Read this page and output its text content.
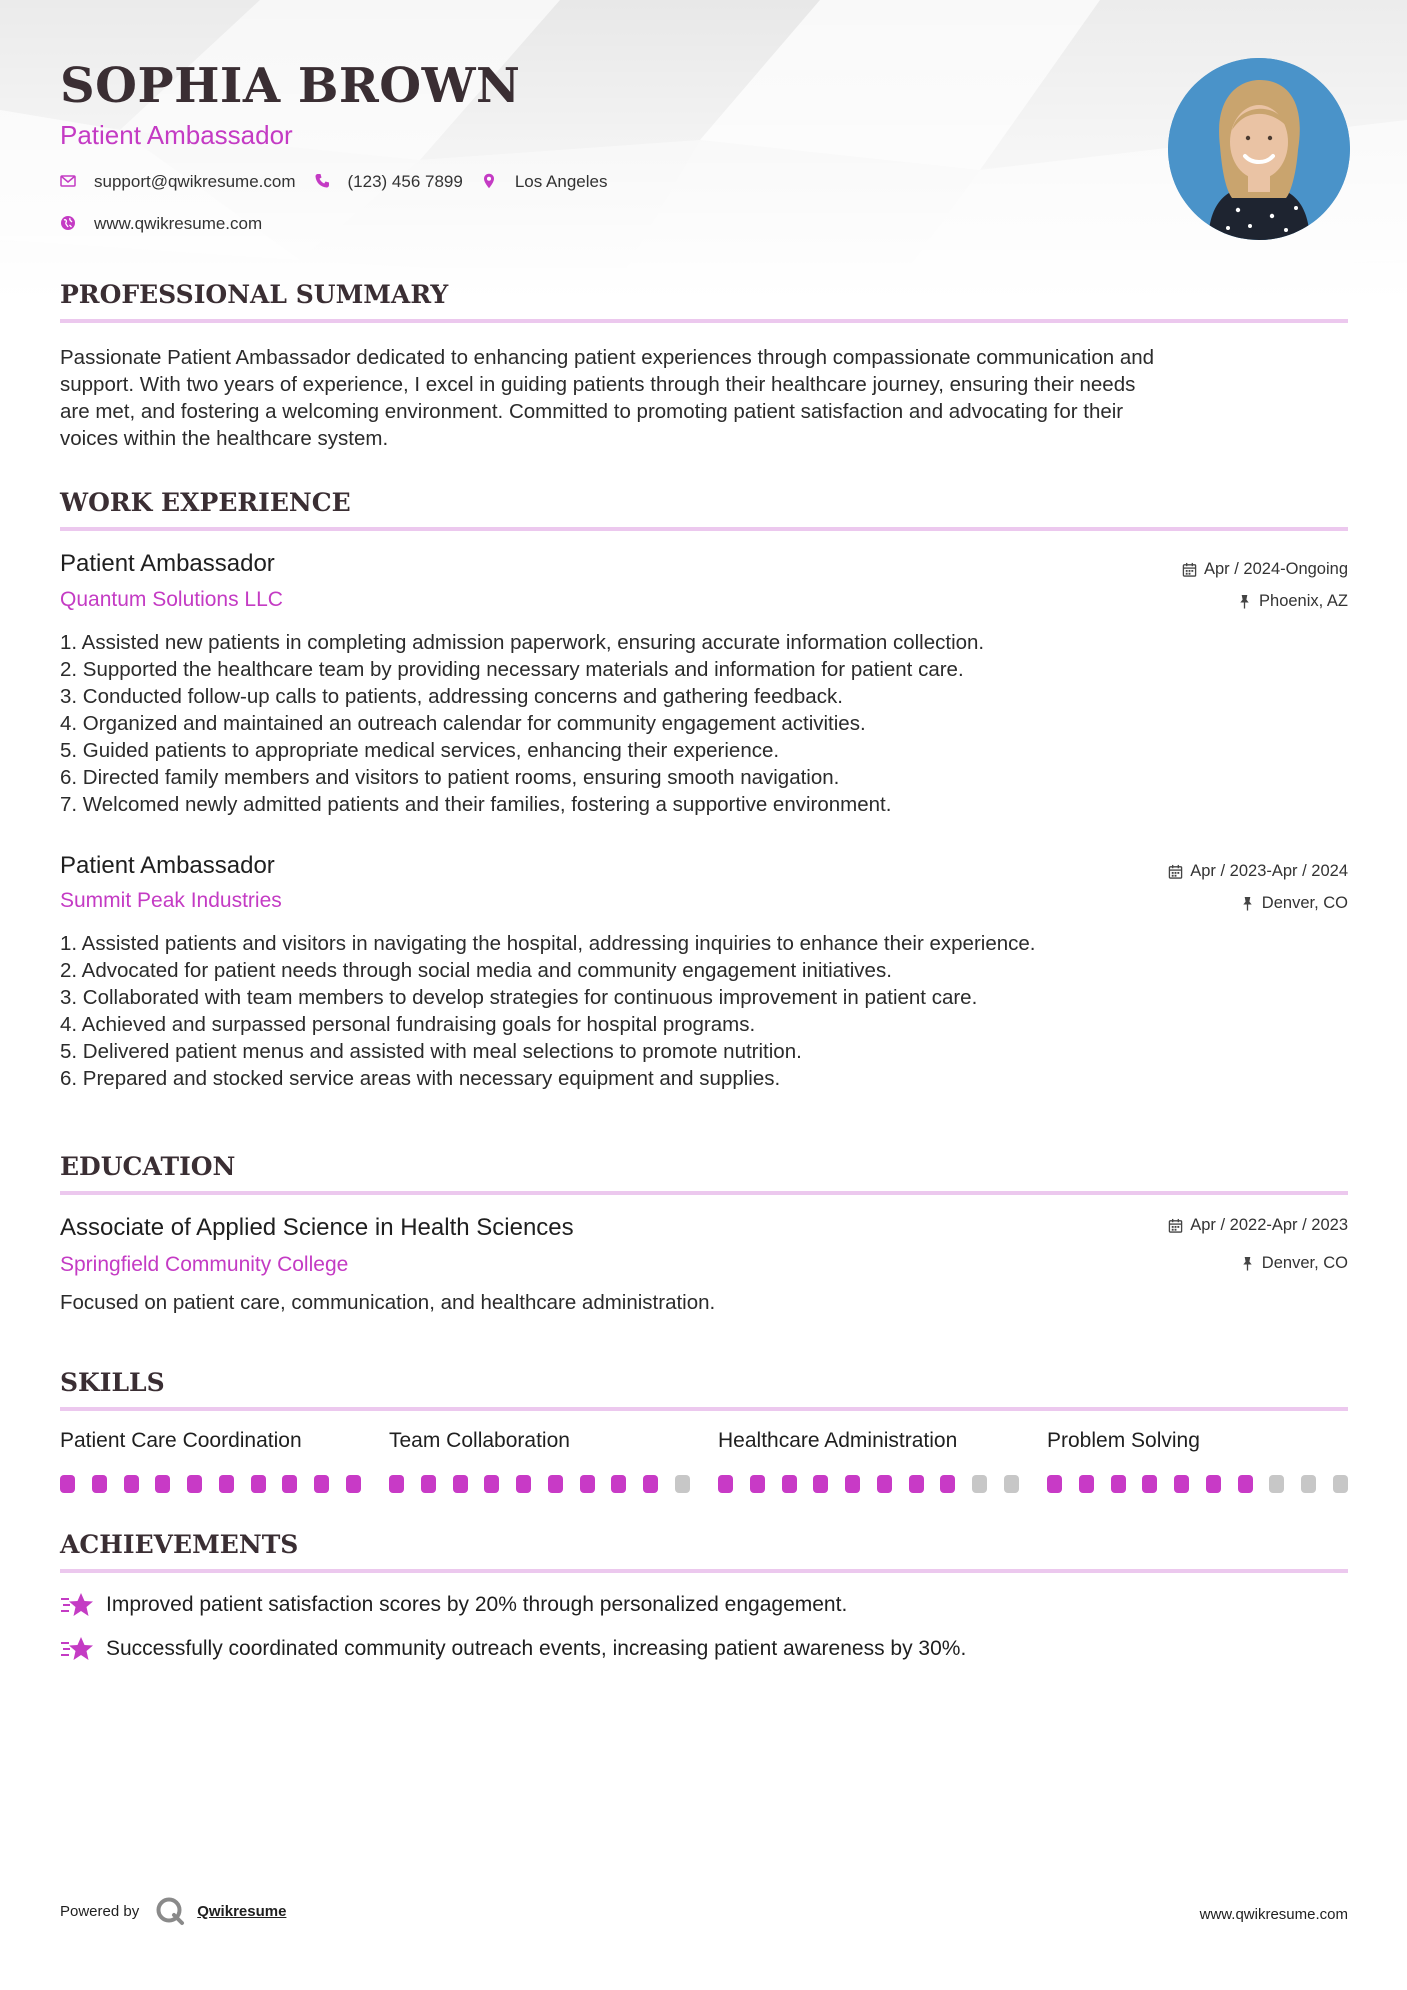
SOPHIA BROWN
Patient Ambassador
support@qwikresume.com	(123) 456 7899	Los Angeles
www.qwikresume.com
PROFESSIONAL SUMMARY
Passionate Patient Ambassador dedicated to enhancing patient experiences through compassionate communication and
support. With two years of experience, I excel in guiding patients through their healthcare journey, ensuring their needs
are met, and fostering a welcoming environment. Committed to promoting patient satisfaction and advocating for their
voices within the healthcare system.
WORK EXPERIENCE
Patient Ambassador	Apr / 2024-Ongoing
Quantum Solutions LLC	Phoenix, AZ
1. Assisted new patients in completing admission paperwork, ensuring accurate information collection.
2. Supported the healthcare team by providing necessary materials and information for patient care.
3. Conducted follow-up calls to patients, addressing concerns and gathering feedback.
4. Organized and maintained an outreach calendar for community engagement activities.
5. Guided patients to appropriate medical services, enhancing their experience.
6. Directed family members and visitors to patient rooms, ensuring smooth navigation.
7. Welcomed newly admitted patients and their families, fostering a supportive environment.
Patient Ambassador	Apr / 2023-Apr / 2024
Summit Peak Industries	Denver, CO
1. Assisted patients and visitors in navigating the hospital, addressing inquiries to enhance their experience.
2. Advocated for patient needs through social media and community engagement initiatives.
3. Collaborated with team members to develop strategies for continuous improvement in patient care.
4. Achieved and surpassed personal fundraising goals for hospital programs.
5. Delivered patient menus and assisted with meal selections to promote nutrition.
6. Prepared and stocked service areas with necessary equipment and supplies.
EDUCATION
Associate of Applied Science in Health Sciences	Apr / 2022-Apr / 2023
Springfield Community College	Denver, CO
Focused on patient care, communication, and healthcare administration.
SKILLS
Patient Care Coordination	Team Collaboration	Healthcare Administration	Problem Solving
ACHIEVEMENTS
Improved patient satisfaction scores by 20% through personalized engagement.
Successfully coordinated community outreach events, increasing patient awareness by 30%.
Powered by	Qwikresume	www.qwikresume.com
